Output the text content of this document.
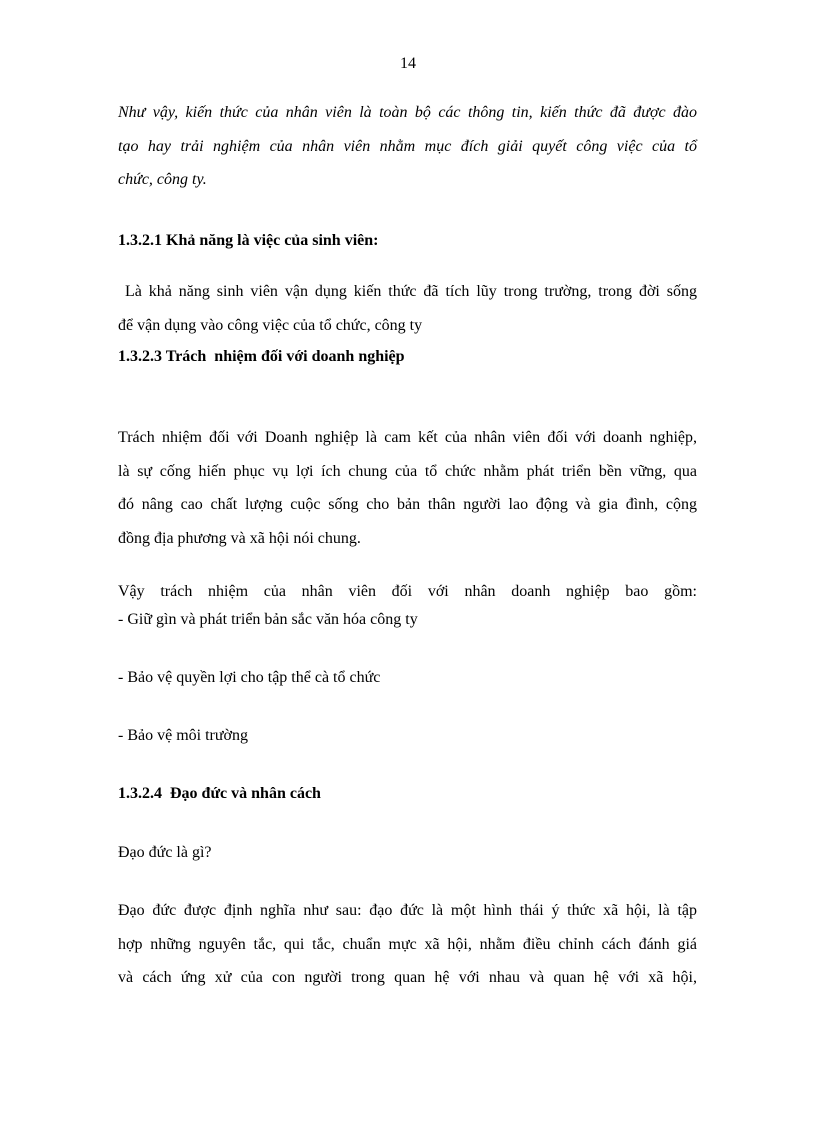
14
Như vậy, kiến thức của nhân viên là toàn bộ các thông tin, kiến thức đã được đào
tạo hay trải nghiệm của nhân viên nhằm mục đích giải quyết công việc của tổ
chức, công ty.
1.3.2.1 Khả năng là việc của sinh viên:
Là khả năng sinh viên vận dụng kiến thức đã tích lũy trong trường, trong đời sống
để vận dụng vào công việc của tổ chức, công ty
1.3.2.3 Trách  nhiệm đối với doanh nghiệp
Trách nhiệm đối với Doanh nghiệp là cam kết của nhân viên đối với doanh nghiệp,
là sự cống hiến phục vụ lợi ích chung của tổ chức nhằm phát triển bền vững, qua
đó nâng cao chất lượng cuộc sống cho bản thân người lao động và gia đình, cộng
đồng địa phương và xã hội nói chung.
Vậy trách nhiệm của nhân viên đối với nhân doanh nghiệp bao gồm:
- Giữ gìn và phát triển bản sắc văn hóa công ty
- Bảo vệ quyền lợi cho tập thể cà tổ chức
- Bảo vệ môi trường
1.3.2.4  Đạo đức và nhân cách
Đạo đức là gì?
Đạo đức được định nghĩa như sau: đạo đức là một hình thái ý thức xã hội, là tập
hợp những nguyên tắc, qui tắc, chuẩn mực xã hội, nhằm điều chỉnh cách đánh giá
và cách ứng xử của con người trong quan hệ với nhau và quan hệ với xã hội,
